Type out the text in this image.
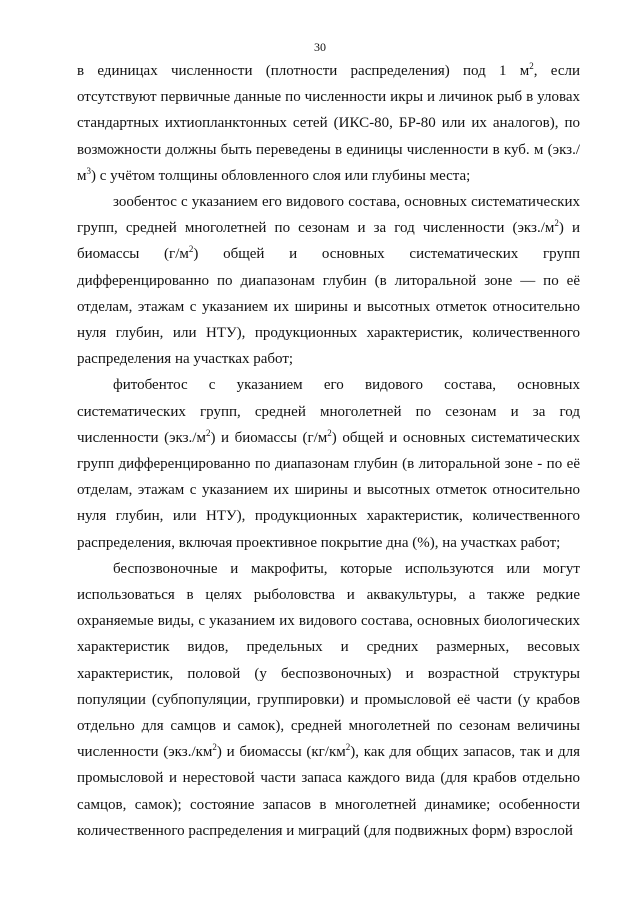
30

в единицах численности (плотности распределения) под 1 $м^2$, если отсутствуют первичные данные по численности икры и личинок рыб в уловах стандартных ихтиопланктонных сетей (ИКС-80, БР-80 или их аналогов), по возможности должны быть переведены в единицы численности в куб. м $(экз./м^3)$ с учётом толщины обловленного слоя или глубины места;

зообентос с указанием его видового состава, основных систематических групп, средней многолетней по сезонам и за год численности $(экз./м^2)$ и биомассы $(г/м^2)$ общей и основных систематических групп дифференцированно по диапазонам глубин (в литоральной зоне — по её отделам, этажам с указанием их ширины и высотных отметок относительно нуля глубин, или НТУ), продукционных характеристик, количественного распределения на участках работ;

фитобентос с указанием его видового состава, основных систематических групп, средней многолетней по сезонам и за год численности $(экз./м^2)$ и биомассы $(г/м^2)$ общей и основных систематических групп дифференцированно по диапазонам глубин (в литоральной зоне - по её отделам, этажам с указанием их ширины и высотных отметок относительно нуля глубин, или НТУ), продукционных характеристик, количественного распределения, включая проективное покрытие дна (%), на участках работ;

беспозвоночные и макрофиты, которые используются или могут использоваться в целях рыболовства и аквакультуры, а также редкие охраняемые виды, с указанием их видового состава, основных биологических характеристик видов, предельных и средних размерных, весовых характеристик, половой (у беспозвоночных) и возрастной структуры популяции (субпопуляции, группировки) и промысловой её части (у крабов отдельно для самцов и самок), средней многолетней по сезонам величины численности $(экз./км^2)$ и биомассы $(кг/км^2)$, как для общих запасов, так и для промысловой и нерестовой части запаса каждого вида (для крабов отдельно самцов, самок); состояние запасов в многолетней динамике; особенности количественного распределения и миграций (для подвижных форм) взрослой
